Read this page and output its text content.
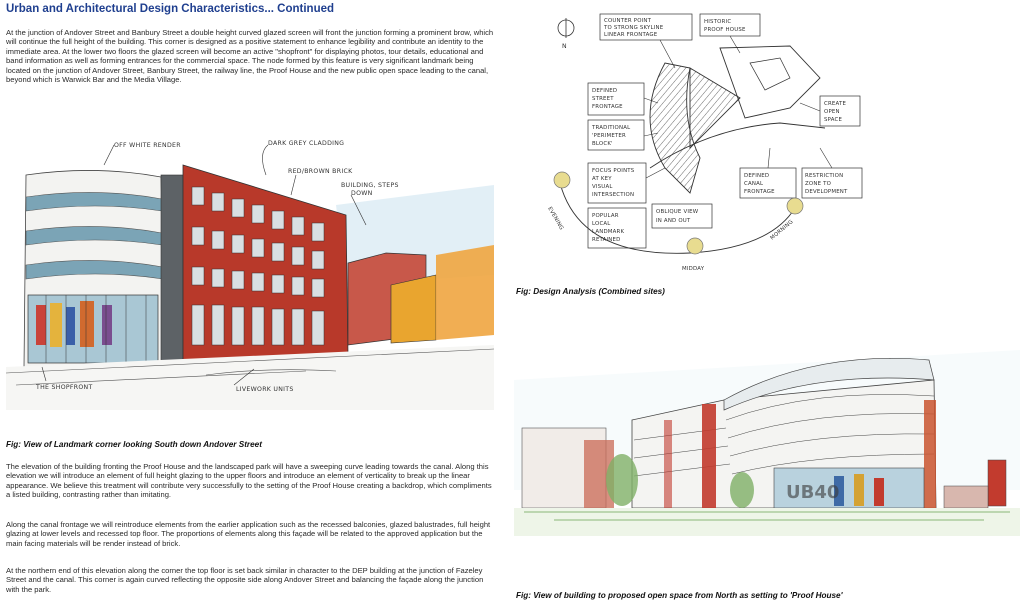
Urban and Architectural Design Characteristics... Continued

At the junction of Andover Street and Banbury Street a double height curved glazed screen will front the junction forming a prominent brow, which will continue the full height of the building. This corner is designed as a positive statement to enhance legibility and contribute an identity to the immediate area. At the lower two floors the glazed screen will become an active "shopfront" for displaying photos, tour details, educational and band information as well as forming entrances for the commercial space. The node formed by this feature is very significant landmark being located on the junction of Andover Street, Banbury Street, the railway line, the Proof House and the new public open space leading to the canal, beyond which is Warwick Bar and the Media Village.

OFF WHITE RENDER	DARK GREY CLADDING
RED/BROWN BRICK
BUILDING, STEPS
DOWN
THE SHOPFRONT	LIVEWORK UNITS
Fig: View of Landmark corner looking South down Andover Street

The elevation of the building fronting the Proof House and the landscaped park will have a sweeping curve leading towards the canal. Along this elevation we will introduce an element of full height glazing to the upper floors and introduce an element of verticality to break up the linear appearance. We believe this treatment will contribute very successfully to the setting of the Proof House creating a backdrop, which compliments a listed building, contrasting rather than imitating.

Along the canal frontage we will reintroduce elements from the earlier application such as the recessed balconies, glazed balustrades, full height glazing at lower levels and recessed top floor. The proportions of elements along this façade will be related to the approved application but the main facing materials will be render instead of brick.

At the northern end of this elevation along the corner the top floor is set back similar in character to the DEP building at the junction of Fazeley Street and the canal. This corner is again curved reflecting the opposite side along Andover Street and balancing the façade along the junction with the park.

N
COUNTER POINT
TO STRONG SKYLINE
LINEAR FRONTAGE
HISTORIC
PROOF HOUSE
DEFINED
STREET
FRONTAGE
TRADITIONAL
'PERIMETER
BLOCK'
CREATE
OPEN
SPACE
FOCUS POINTS
AT KEY
VISUAL
INTERSECTION
DEFINED
CANAL
FRONTAGE
RESTRICTION
ZONE TO
DEVELOPMENT
POPULAR
LOCAL
LANDMARK
RETAINED
OBLIQUE VIEW
IN AND OUT
EVENING	MORNING
MIDDAY
Fig: Design Analysis (Combined sites)
UB40
Fig: View of building to proposed open space from North as setting to 'Proof House'
